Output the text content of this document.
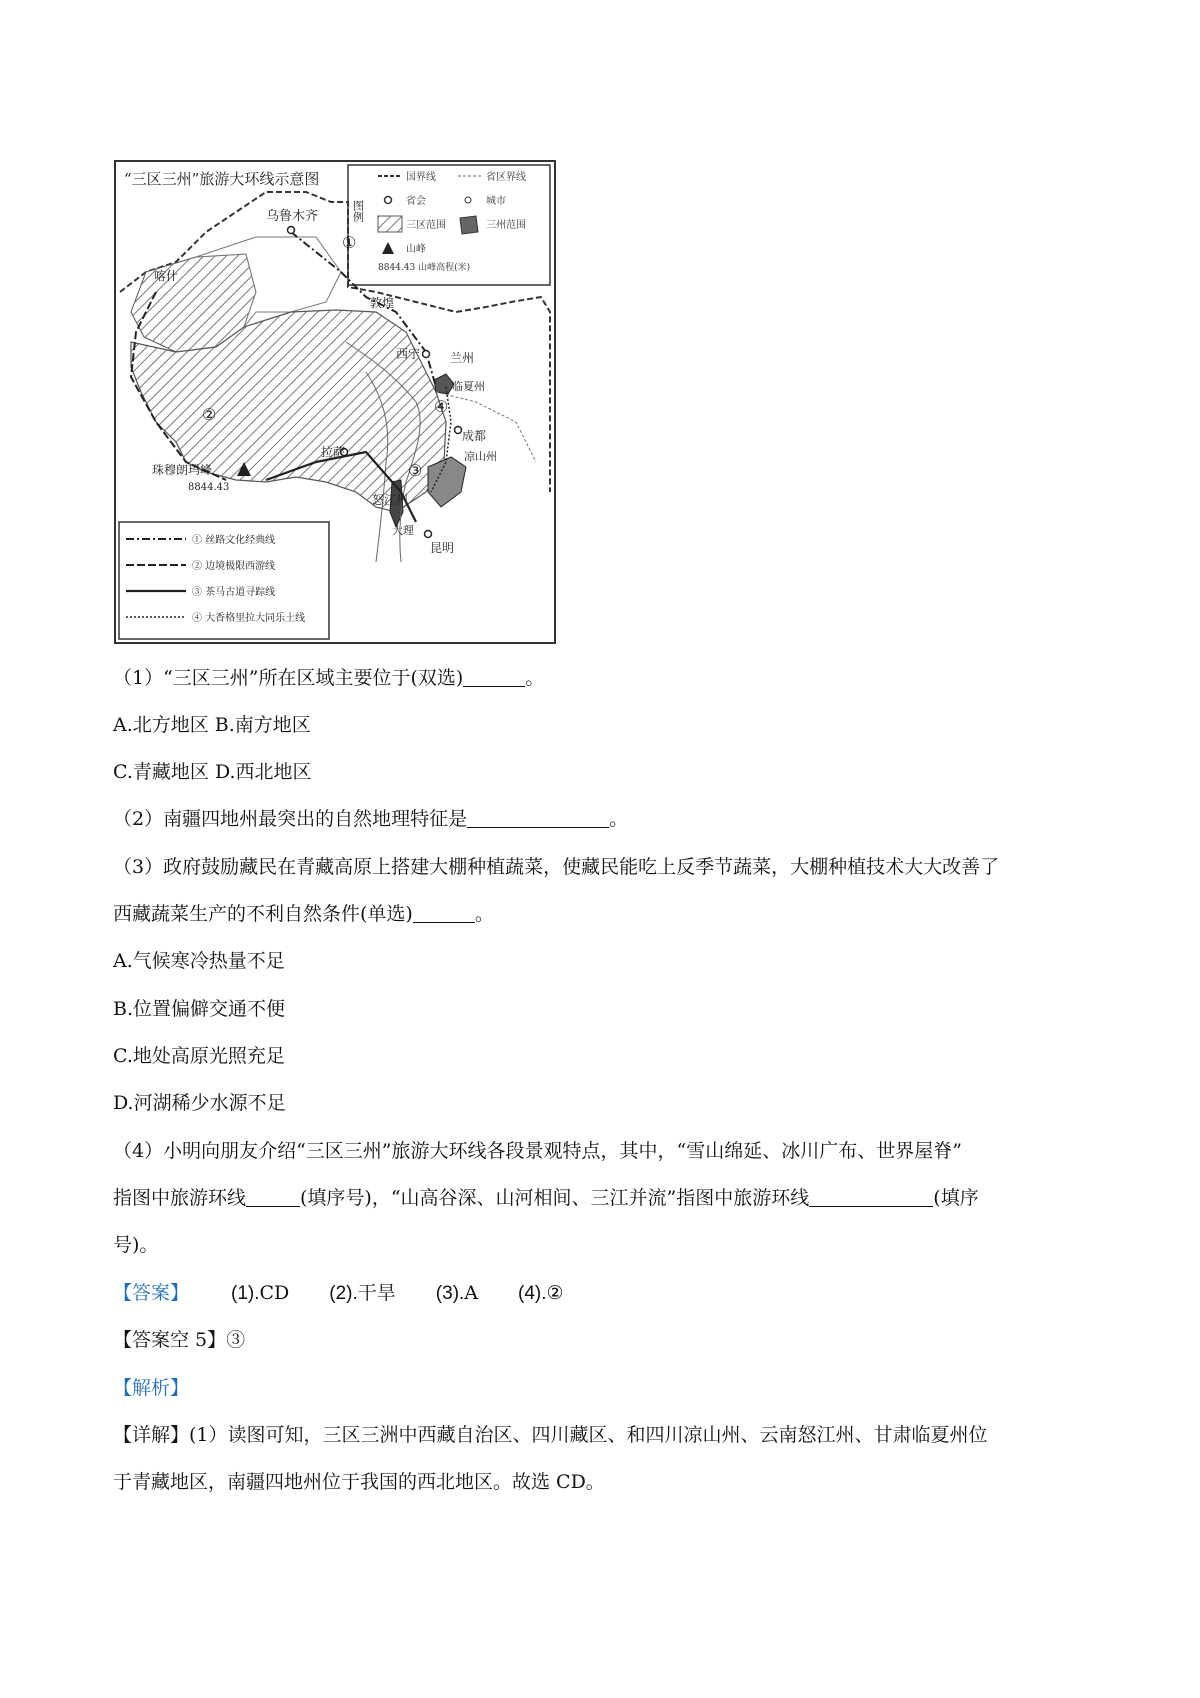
“三区三州”旅游大环线示意图
图例
国界线	省区界线
省会	城市
三区范围	三州范围
山峰
8844.43 山峰高程(米)
乌鲁木齐
喀什
敦煌
西宁 兰州
临夏州
成都
凉山州
拉萨
怒江州
大理
昆明
珠穆朗玛峰
8844.43
①
②
③
④
① 丝路文化经典线
② 边境极限西游线
③ 茶马古道寻踪线
④ 大香格里拉大同乐土线
（1）“三区三州”所在区域主要位于(双选)	。
A.北方地区 B.南方地区
C.青藏地区 D.西北地区
（2）南疆四地州最突出的自然地理特征是	。
（3）政府鼓励藏民在青藏高原上搭建大棚种植蔬菜，使藏民能吃上反季节蔬菜，大棚种植技术大大改善了
西藏蔬菜生产的不利自然条件(单选)	。
A.气候寒冷热量不足
B.位置偏僻交通不便
C.地处高原光照充足
D.河湖稀少水源不足
（4）小明向朋友介绍“三区三州”旅游大环线各段景观特点，其中，“雪山绵延、冰川广布、世界屋脊”
指图中旅游环线	(填序号)，“山高谷深、山河相间、三江并流”指图中旅游环线	(填序
号)。
【答案】 (1).CD (2).干旱 (3).A (4).②
【答案空 5】③
【解析】
【详解】(1）读图可知，三区三洲中西藏自治区、四川藏区、和四川凉山州、云南怒江州、甘肃临夏州位
于青藏地区，南疆四地州位于我国的西北地区。故选 CD。
